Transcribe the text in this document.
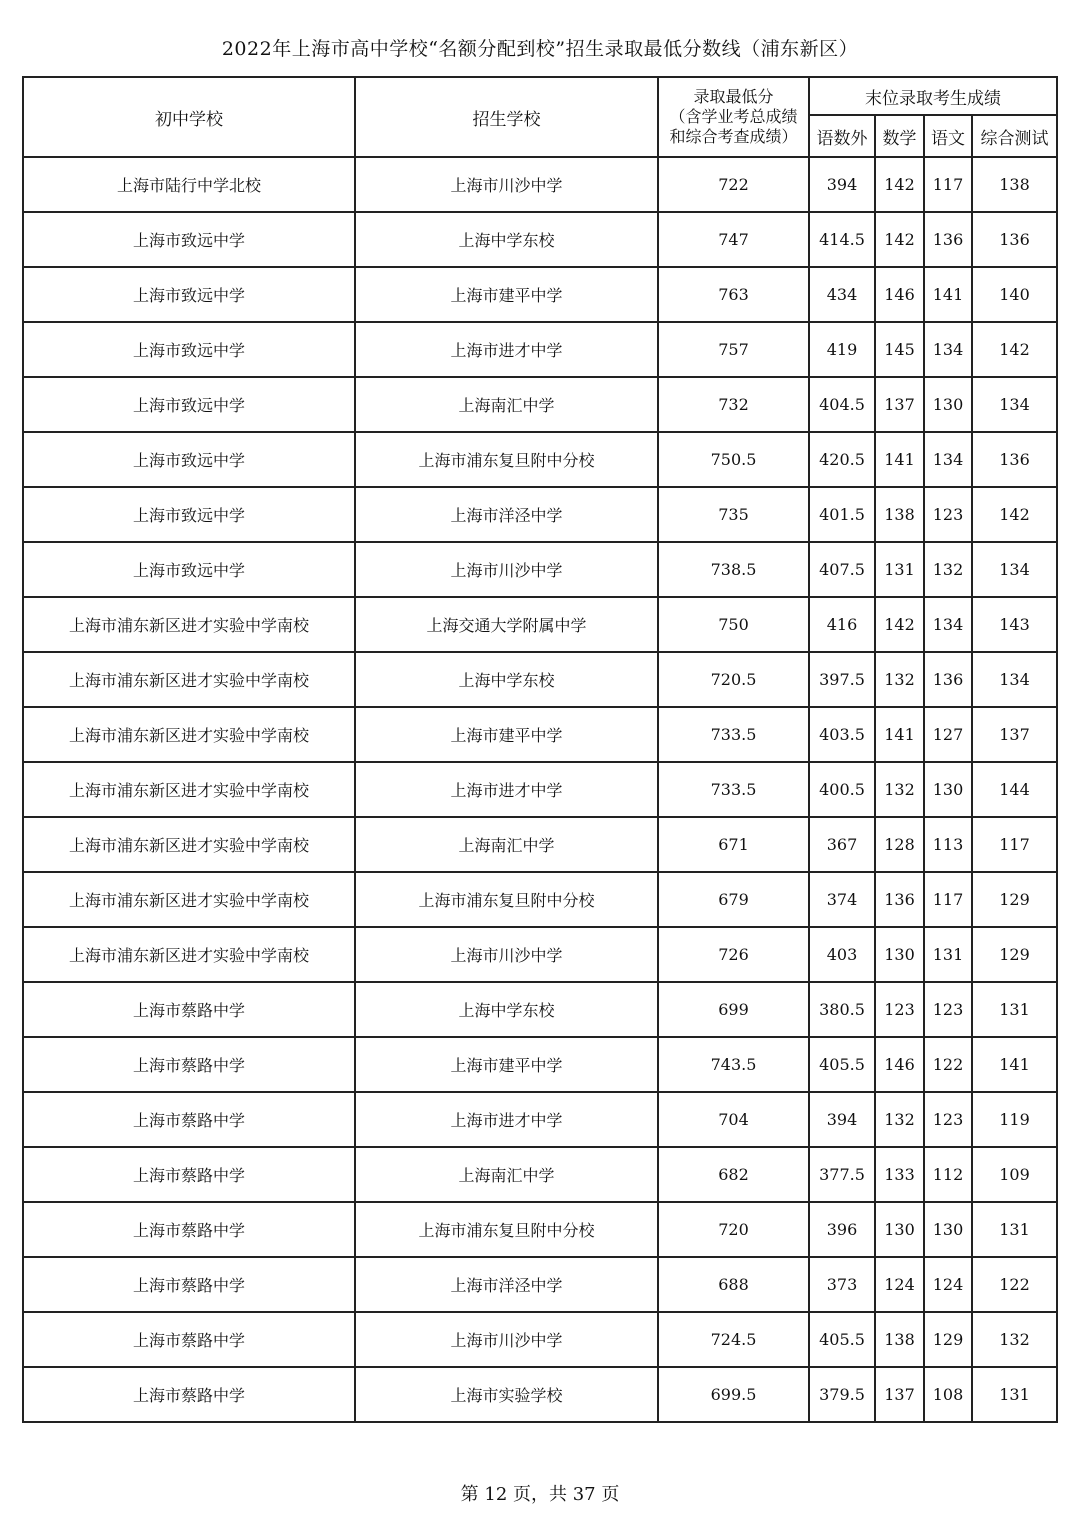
2022年上海市高中学校“名额分配到校”招生录取最低分数线（浦东新区）
初中学校	招生学校	录取最低分
（含学业考总成绩
和综合考查成绩）	末位录取考生成绩			
			语数外	数学	语文	综合测试
上海市陆行中学北校	上海市川沙中学	722	394	142	117	138
上海市致远中学	上海中学东校	747	414.5	142	136	136
上海市致远中学	上海市建平中学	763	434	146	141	140
上海市致远中学	上海市进才中学	757	419	145	134	142
上海市致远中学	上海南汇中学	732	404.5	137	130	134
上海市致远中学	上海市浦东复旦附中分校	750.5	420.5	141	134	136
上海市致远中学	上海市洋泾中学	735	401.5	138	123	142
上海市致远中学	上海市川沙中学	738.5	407.5	131	132	134
上海市浦东新区进才实验中学南校	上海交通大学附属中学	750	416	142	134	143
上海市浦东新区进才实验中学南校	上海中学东校	720.5	397.5	132	136	134
上海市浦东新区进才实验中学南校	上海市建平中学	733.5	403.5	141	127	137
上海市浦东新区进才实验中学南校	上海市进才中学	733.5	400.5	132	130	144
上海市浦东新区进才实验中学南校	上海南汇中学	671	367	128	113	117
上海市浦东新区进才实验中学南校	上海市浦东复旦附中分校	679	374	136	117	129
上海市浦东新区进才实验中学南校	上海市川沙中学	726	403	130	131	129
上海市蔡路中学	上海中学东校	699	380.5	123	123	131
上海市蔡路中学	上海市建平中学	743.5	405.5	146	122	141
上海市蔡路中学	上海市进才中学	704	394	132	123	119
上海市蔡路中学	上海南汇中学	682	377.5	133	112	109
上海市蔡路中学	上海市浦东复旦附中分校	720	396	130	130	131
上海市蔡路中学	上海市洋泾中学	688	373	124	124	122
上海市蔡路中学	上海市川沙中学	724.5	405.5	138	129	132
上海市蔡路中学	上海市实验学校	699.5	379.5	137	108	131
第 12 页，共 37 页
